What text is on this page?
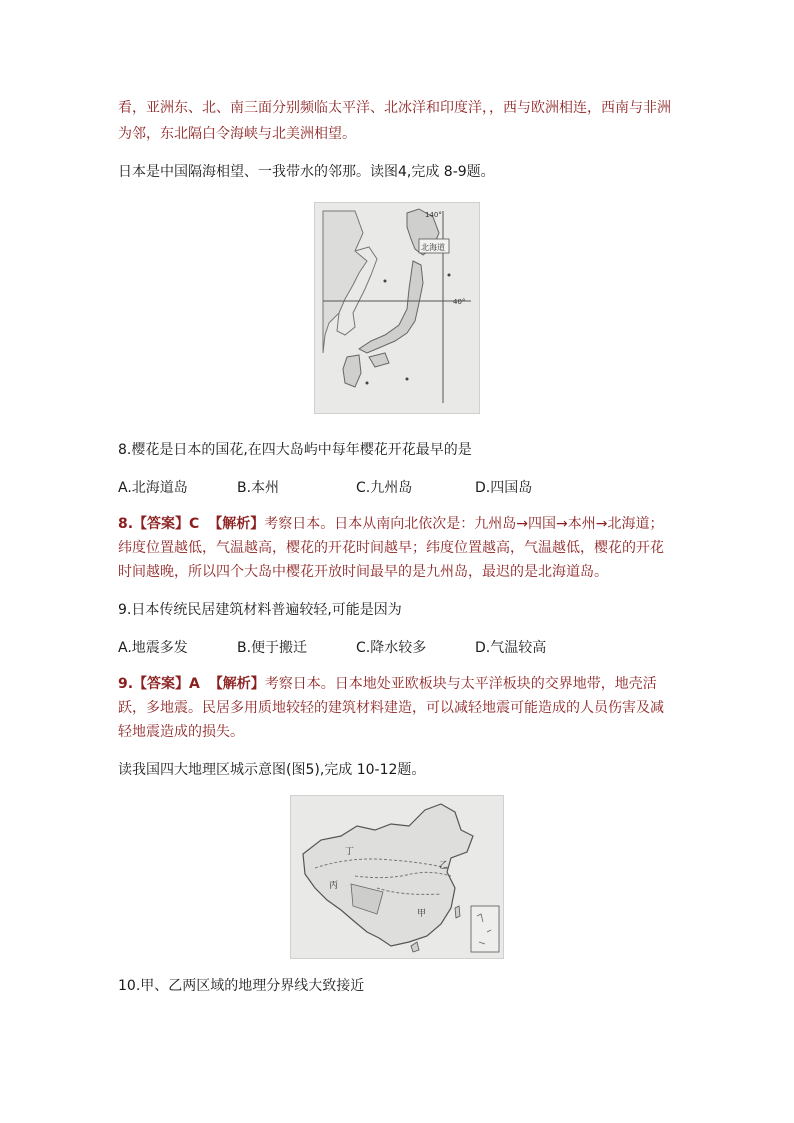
看，亚洲东、北、南三面分别频临太平洋、北冰洋和印度洋，，西与欧洲相连，西南与非洲
为邻，东北隔白令海峡与北美洲相望。
日本是中国隔海相望、一我带水的邻那。读图4,完成 8-9题。
北海道
140°
40°
8.樱花是日本的国花,在四大岛屿中每年樱花开花最早的是
A.北海道岛	B.本州	C.九州岛	D.四国岛
8.【答案】C 【解析】考察日本。日本从南向北依次是：九州岛→四国→本州→北海道；
纬度位置越低，气温越高，樱花的开花时间越早；纬度位置越高，气温越低，樱花的开花
时间越晚，所以四个大岛中樱花开放时间最早的是九州岛，最迟的是北海道岛。
9.日本传统民居建筑材料普遍较轻,可能是因为
A.地震多发	B.便于搬迁	C.降水较多	D.气温较高
9.【答案】A 【解析】考察日本。日本地处亚欧板块与太平洋板块的交界地带，地壳活
跃，多地震。民居多用质地较轻的建筑材料建造，可以减轻地震可能造成的人员伤害及减
轻地震造成的损失。
读我国四大地理区城示意图(图5),完成 10-12题。
丁
丙
乙
甲
10.甲、乙两区域的地理分界线大致接近
